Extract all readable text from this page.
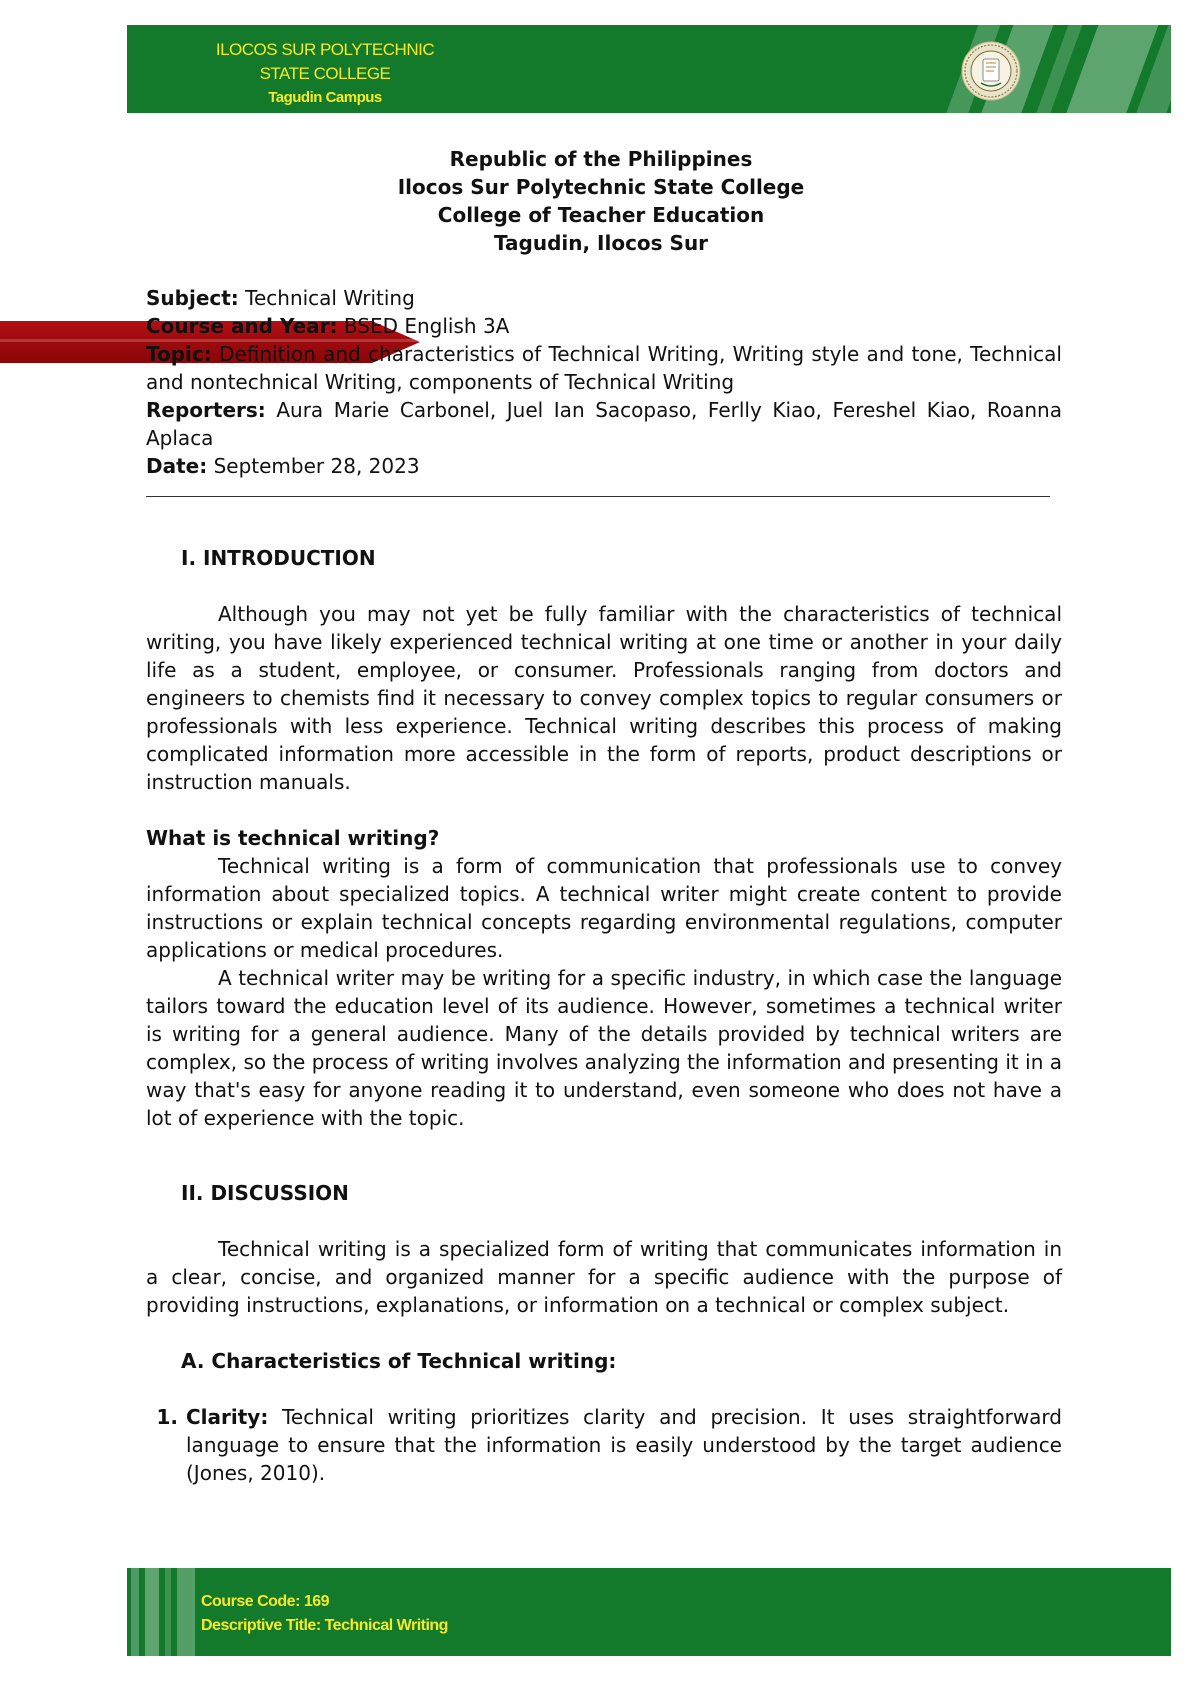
ILOCOS SUR POLYTECHNIC
STATE COLLEGE
Tagudin Campus
Republic of the Philippines
Ilocos Sur Polytechnic State College
College of Teacher Education
Tagudin, Ilocos Sur

Subject: Technical Writing

Course and Year: BSED English 3A

Topic: Definition and characteristics of Technical Writing, Writing style and tone, Technical and nontechnical Writing, components of Technical Writing

Reporters: Aura Marie Carbonel, Juel Ian Sacopaso, Ferlly Kiao, Fereshel Kiao, Roanna Aplaca

Date: September 28, 2023

I. INTRODUCTION

Although you may not yet be fully familiar with the characteristics of technical writing, you have likely experienced technical writing at one time or another in your daily life as a student, employee, or consumer. Professionals ranging from doctors and engineers to chemists find it necessary to convey complex topics to regular consumers or professionals with less experience. Technical writing describes this process of making complicated information more accessible in the form of reports, product descriptions or instruction manuals.

What is technical writing?

Technical writing is a form of communication that professionals use to convey information about specialized topics. A technical writer might create content to provide instructions or explain technical concepts regarding environmental regulations, computer applications or medical procedures.

A technical writer may be writing for a specific industry, in which case the language tailors toward the education level of its audience. However, sometimes a technical writer is writing for a general audience. Many of the details provided by technical writers are complex, so the process of writing involves analyzing the information and presenting it in a way that's easy for anyone reading it to understand, even someone who does not have a lot of experience with the topic.

II. DISCUSSION

Technical writing is a specialized form of writing that communicates information in a clear, concise, and organized manner for a specific audience with the purpose of providing instructions, explanations, or information on a technical or complex subject.

A. Characteristics of Technical writing:

1. Clarity: Technical writing prioritizes clarity and precision. It uses straightforward language to ensure that the information is easily understood by the target audience (Jones, 2010).

Course Code: 169
Descriptive Title: Technical Writing
